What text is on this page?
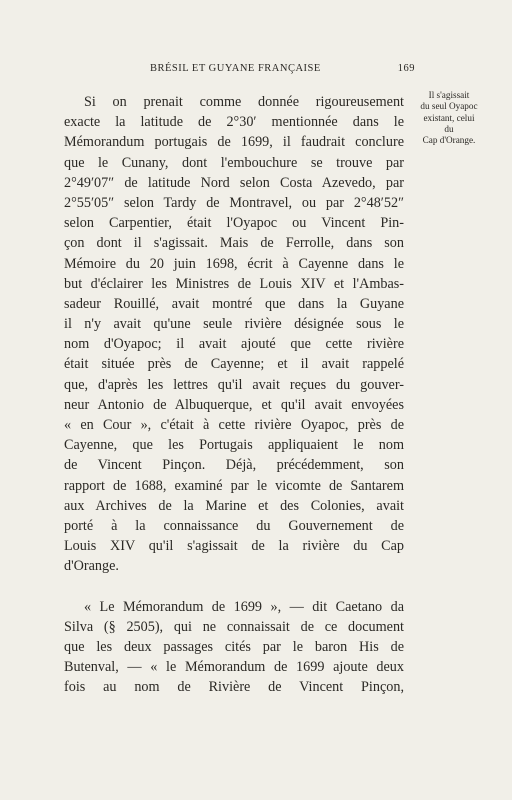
BRÉSIL ET GUYANE FRANÇAISE	169
Il s'agissait
du seul Oyapoc
existant, celui
du
Cap d'Orange.
Si on prenait comme donnée rigoureusement
exacte la latitude de 2°30′ mentionnée dans le
Mémorandum portugais de 1699, il faudrait conclure
que le Cunany, dont l'embouchure se trouve par
2°49′07″ de latitude Nord selon Costa Azevedo, par
2°55′05″ selon Tardy de Montravel, ou par 2°48′52″
selon Carpentier, était l'Oyapoc ou Vincent Pin-
çon dont il s'agissait. Mais de Ferrolle, dans son
Mémoire du 20 juin 1698, écrit à Cayenne dans le
but d'éclairer les Ministres de Louis XIV et l'Ambas-
sadeur Rouillé, avait montré que dans la Guyane
il n'y avait qu'une seule rivière désignée sous le
nom d'Oyapoc; il avait ajouté que cette rivière
était située près de Cayenne; et il avait rappelé
que, d'après les lettres qu'il avait reçues du gouver-
neur Antonio de Albuquerque, et qu'il avait envoyées
« en Cour », c'était à cette rivière Oyapoc, près de
Cayenne, que les Portugais appliquaient le nom
de Vincent Pinçon. Déjà, précédemment, son
rapport de 1688, examiné par le vicomte de Santarem
aux Archives de la Marine et des Colonies, avait
porté à la connaissance du Gouvernement de
Louis XIV qu'il s'agissait de la rivière du Cap
d'Orange.
« Le Mémorandum de 1699 », — dit Caetano da
Silva (§ 2505), qui ne connaissait de ce document
que les deux passages cités par le baron His de
Butenval, — « le Mémorandum de 1699 ajoute deux
fois au nom de Rivière de Vincent Pinçon,
